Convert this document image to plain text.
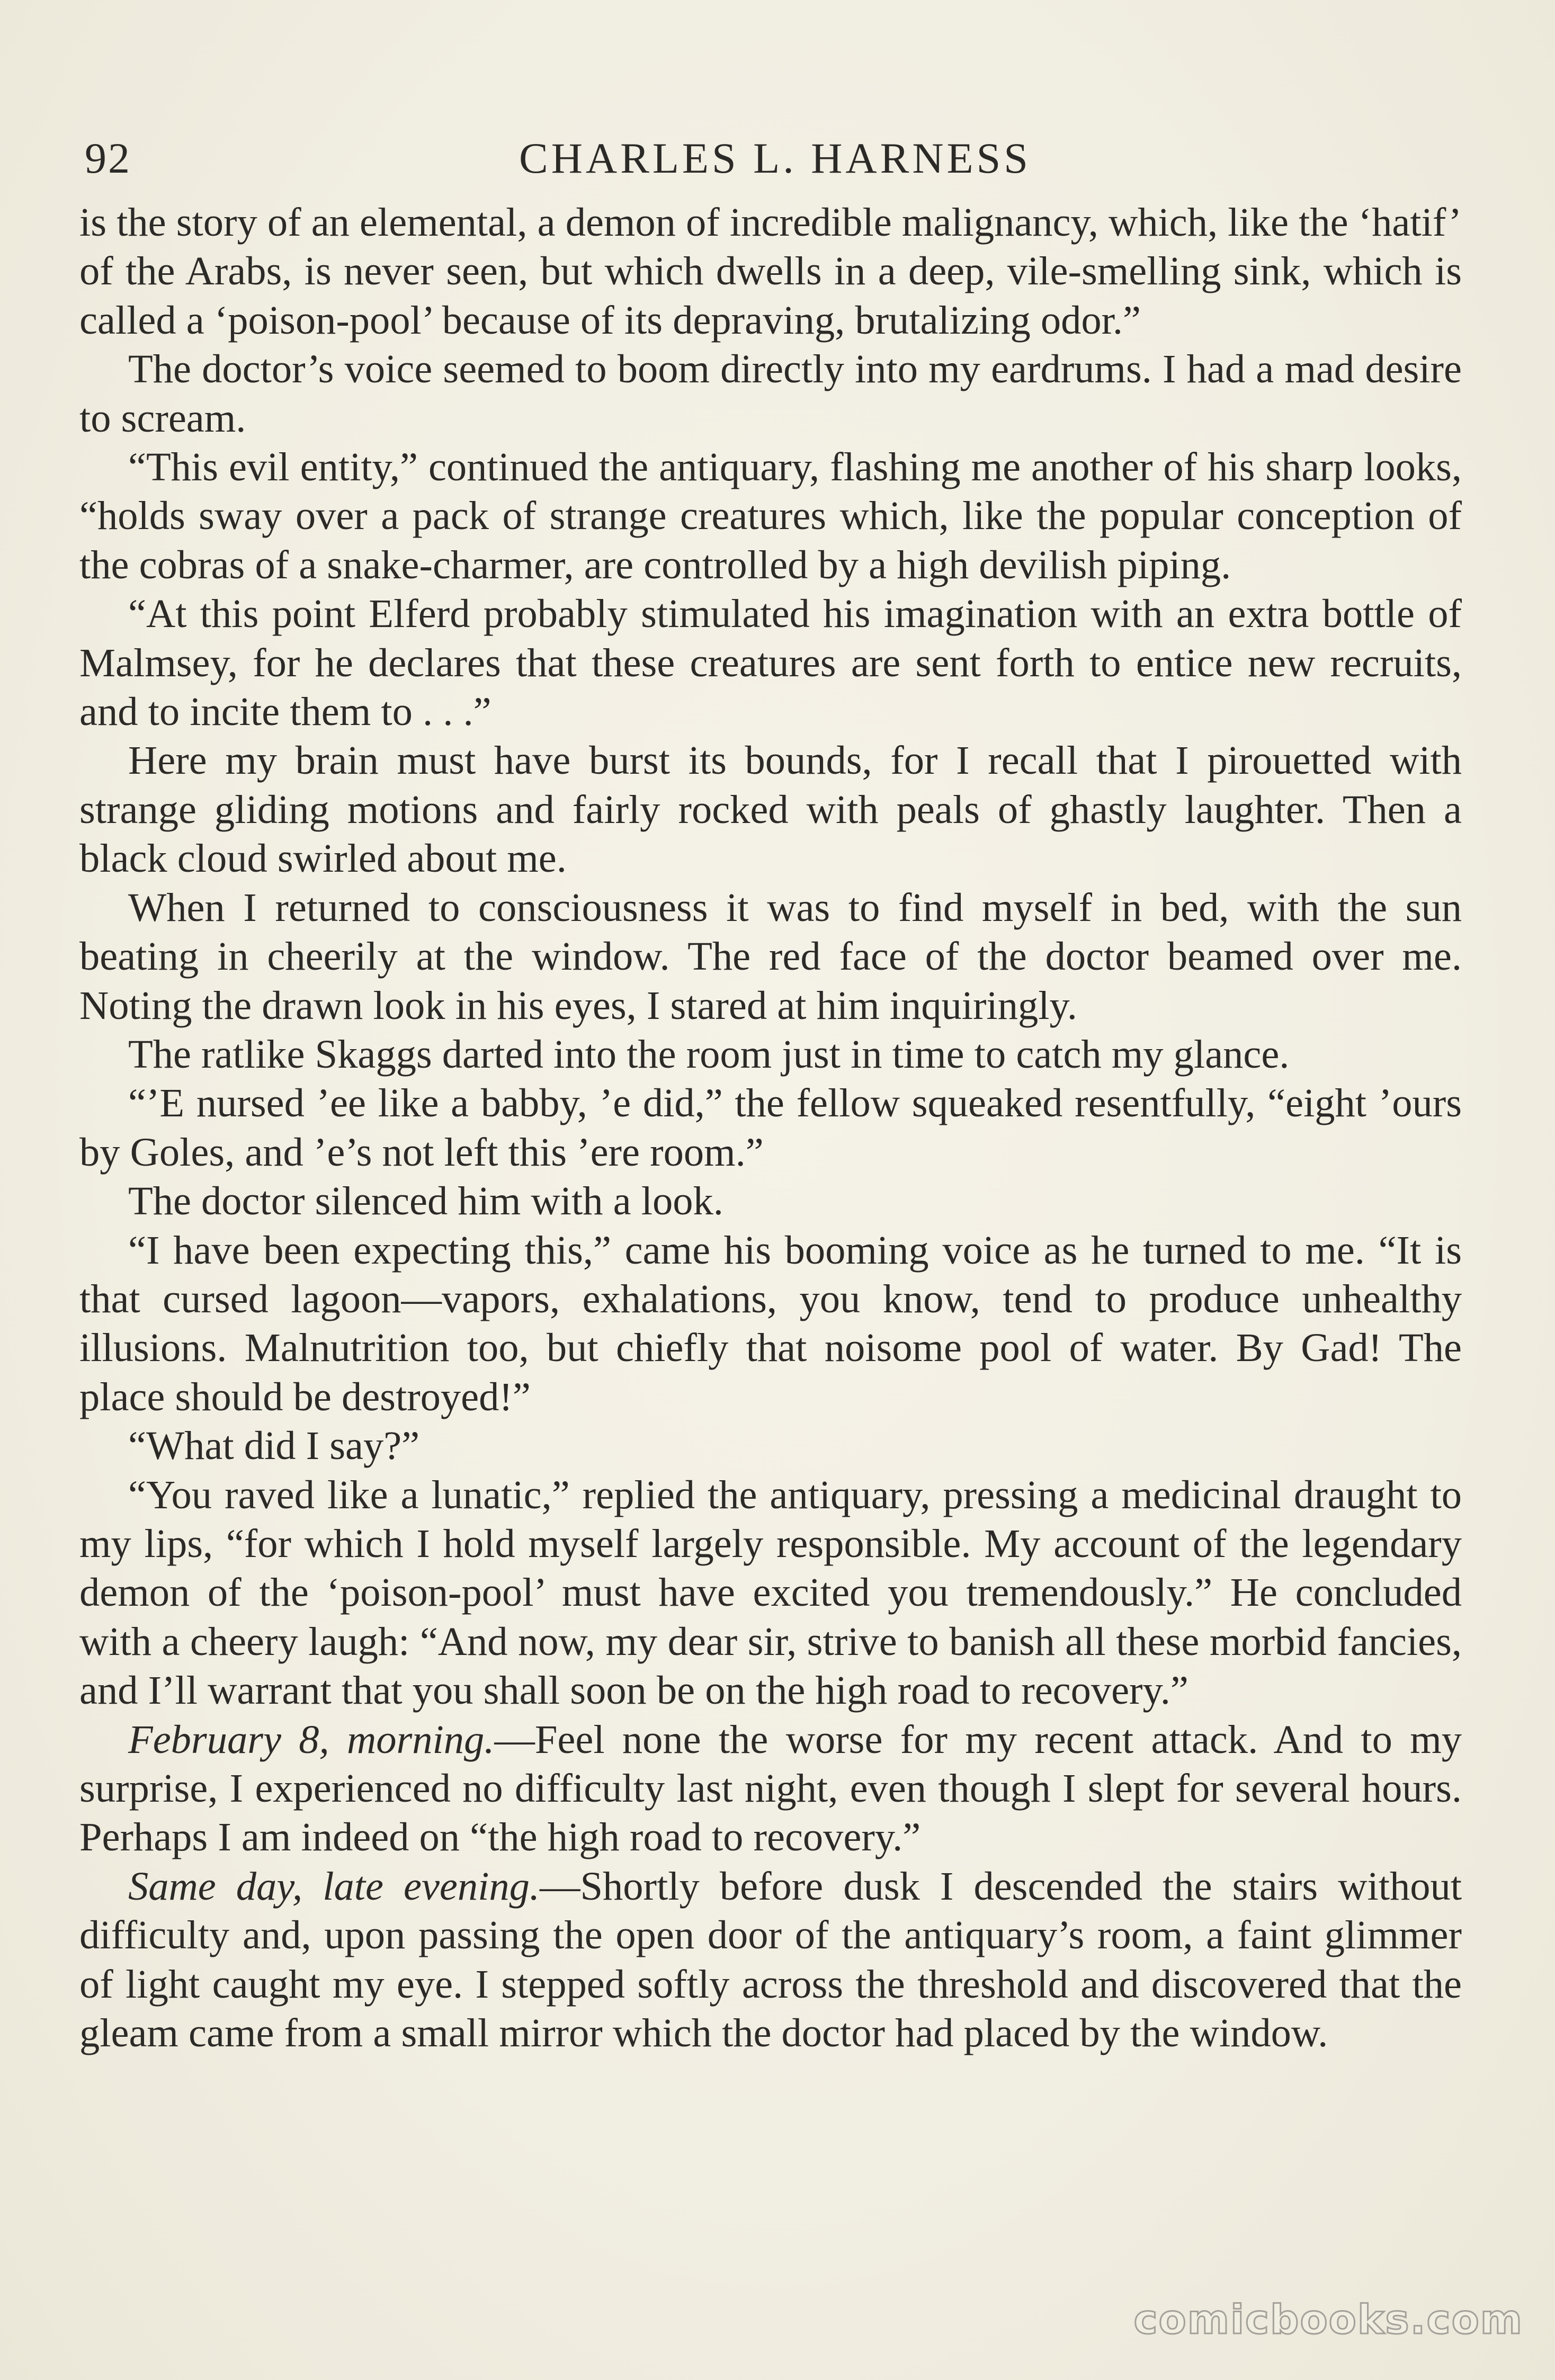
92	CHARLES L. HARNESS

is the story of an elemental, a demon of incredible malignancy, which, like the ‘hatif’ of the Arabs, is never seen, but which dwells in a deep, vile-smelling sink, which is called a ‘poison-pool’ because of its depraving, brutalizing odor.”

The doctor’s voice seemed to boom directly into my eardrums. I had a mad desire to scream.

“This evil entity,” continued the antiquary, flashing me another of his sharp looks, “holds sway over a pack of strange creatures which, like the popular conception of the cobras of a snake-charmer, are controlled by a high devilish piping.

“At this point Elferd probably stimulated his imagination with an extra bottle of Malmsey, for he declares that these creatures are sent forth to entice new recruits, and to incite them to . . .”

Here my brain must have burst its bounds, for I recall that I pirouetted with strange gliding motions and fairly rocked with peals of ghastly laughter. Then a black cloud swirled about me.

When I returned to consciousness it was to find myself in bed, with the sun beating in cheerily at the window. The red face of the doctor beamed over me. Noting the drawn look in his eyes, I stared at him inquiringly.

The ratlike Skaggs darted into the room just in time to catch my glance.

“’E nursed ’ee like a babby, ’e did,” the fellow squeaked resentfully, “eight ’ours by Goles, and ’e’s not left this ’ere room.”

The doctor silenced him with a look.

“I have been expecting this,” came his booming voice as he turned to me. “It is that cursed lagoon—vapors, exhalations, you know, tend to produce unhealthy illusions. Malnutrition too, but chiefly that noisome pool of water. By Gad! The place should be destroyed!”

“What did I say?”

“You raved like a lunatic,” replied the antiquary, pressing a medicinal draught to my lips, “for which I hold myself largely responsible. My account of the legendary demon of the ‘poison-pool’ must have excited you tremendously.” He concluded with a cheery laugh: “And now, my dear sir, strive to banish all these morbid fancies, and I’ll warrant that you shall soon be on the high road to recovery.”

February 8, morning.—Feel none the worse for my recent attack. And to my surprise, I experienced no difficulty last night, even though I slept for several hours. Perhaps I am indeed on “the high road to recovery.”

Same day, late evening.—Shortly before dusk I descended the stairs without difficulty and, upon passing the open door of the antiquary’s room, a faint glimmer of light caught my eye. I stepped softly across the threshold and discovered that the gleam came from a small mirror which the doctor had placed by the window.

comicbooks.com
